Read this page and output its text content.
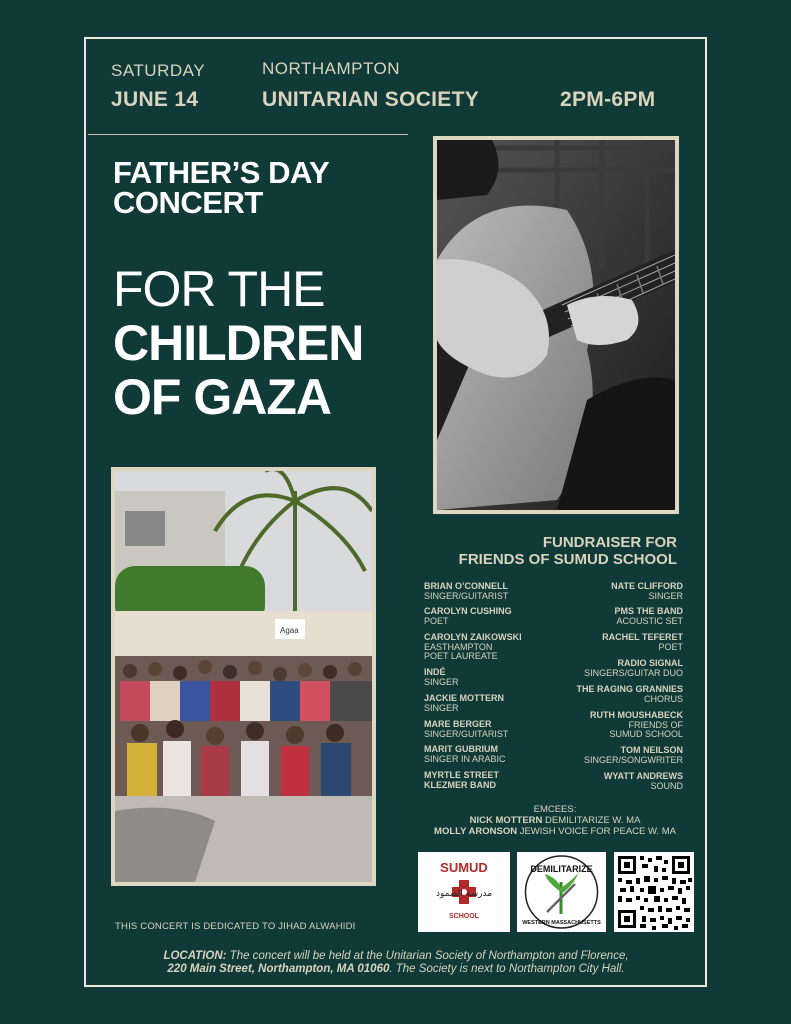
SATURDAY
JUNE 14
NORTHAMPTON
UNITARIAN SOCIETY	2PM-6PM
FATHER’S DAY
CONCERT
FOR THE
CHILDREN
OF GAZA
Agaa
FUNDRAISER FOR
FRIENDS OF SUMUD SCHOOL
BRIAN O’CONNELL
SINGER/GUITARIST
CAROLYN CUSHING
POET
CAROLYN ZAIKOWSKI
EASTHAMPTON
POET LAUREATE
INDÉ
SINGER
JACKIE MOTTERN
SINGER
MARE BERGER
SINGER/GUITARIST
MARIT GUBRIUM
SINGER IN ARABIC
MYRTLE STREET
KLEZMER BAND
NATE CLIFFORD
SINGER
PMS THE BAND
ACOUSTIC SET
RACHEL TEFERET
POET
RADIO SIGNAL
SINGERS/GUITAR DUO
THE RAGING GRANNIES
CHORUS
RUTH MOUSHABECK
FRIENDS OF
SUMUD SCHOOL
TOM NEILSON
SINGER/SONGWRITER
WYATT ANDREWS
SOUND
EMCEES:
NICK MOTTERN DEMILITARIZE W. MA
MOLLY ARONSON JEWISH VOICE FOR PEACE W. MA
SUMUD
مدرسة الصمود
SCHOOL
DEMILITARIZE
WESTERN MASSACHUSETTS
THIS CONCERT IS DEDICATED TO JIHAD ALWAHIDI
LOCATION: The concert will be held at the Unitarian Society of Northampton and Florence,
220 Main Street, Northampton, MA 01060. The Society is next to Northampton City Hall.
